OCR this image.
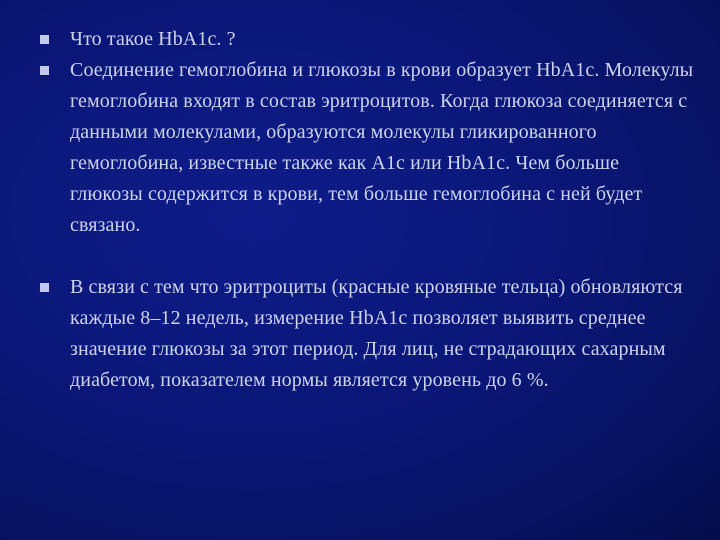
Что такое HbA1c. ?
Соединение гемоглобина и глюкозы в крови образует HbA1c. Молекулы гемоглобина входят в состав эритроцитов. Когда глюкоза соединяется с данными молекулами, образуются молекулы гликированного гемоглобина, известные также как A1c или HbA1c. Чем больше глюкозы содержится в крови, тем больше гемоглобина с ней будет связано.
В связи с тем что эритроциты (красные кровяные тельца) обновляются каждые 8–12 недель, измерение HbA1c позволяет выявить среднее значение глюкозы за этот период. Для лиц, не страдающих сахарным диабетом, показателем нормы является уровень до 6 %.
